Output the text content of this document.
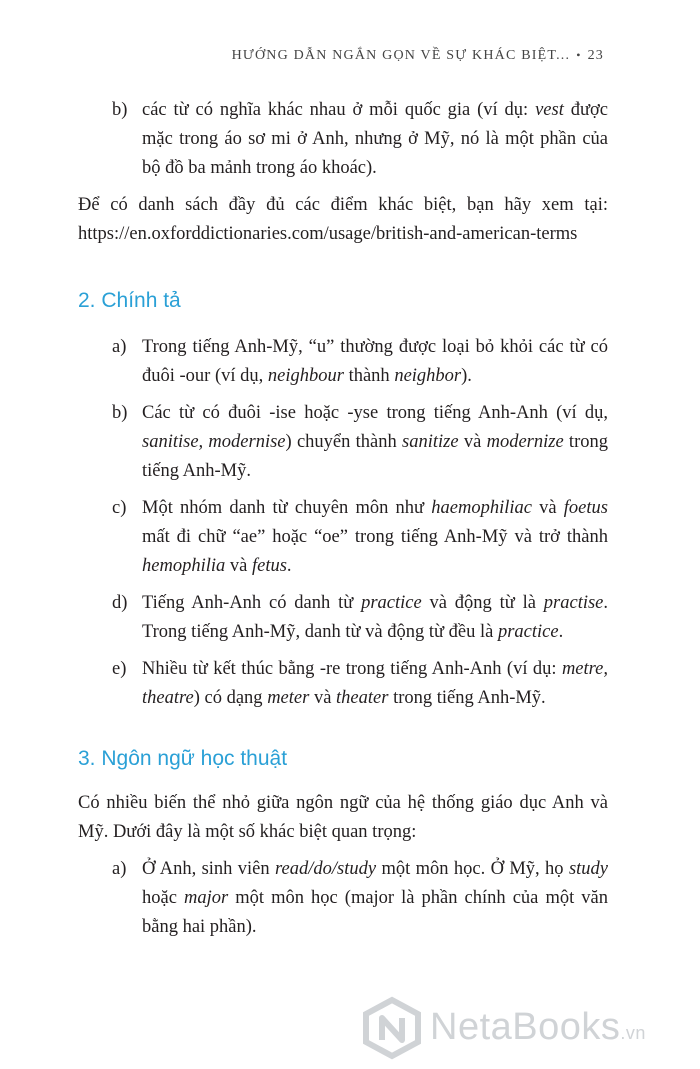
HƯỚNG DẪN NGẮN GỌN VỀ SỰ KHÁC BIỆT... • 23
b) các từ có nghĩa khác nhau ở mỗi quốc gia (ví dụ: vest được mặc trong áo sơ mi ở Anh, nhưng ở Mỹ, nó là một phần của bộ đồ ba mảnh trong áo khoác).

Để có danh sách đầy đủ các điểm khác biệt, bạn hãy xem tại: https://en.oxforddictionaries.com/usage/british-and-american-terms

2. Chính tả
a) Trong tiếng Anh-Mỹ, “u” thường được loại bỏ khỏi các từ có đuôi -our (ví dụ, neighbour thành neighbor).
b) Các từ có đuôi -ise hoặc -yse trong tiếng Anh-Anh (ví dụ, sanitise, modernise) chuyển thành sanitize và modernize trong tiếng Anh-Mỹ.
c) Một nhóm danh từ chuyên môn như haemophiliac và foetus mất đi chữ “ae” hoặc “oe” trong tiếng Anh-Mỹ và trở thành hemophilia và fetus.
d) Tiếng Anh-Anh có danh từ practice và động từ là practise. Trong tiếng Anh-Mỹ, danh từ và động từ đều là practice.
e) Nhiều từ kết thúc bằng -re trong tiếng Anh-Anh (ví dụ: metre, theatre) có dạng meter và theater trong tiếng Anh-Mỹ.
3. Ngôn ngữ học thuật

Có nhiều biến thể nhỏ giữa ngôn ngữ của hệ thống giáo dục Anh và Mỹ. Dưới đây là một số khác biệt quan trọng:

a) Ở Anh, sinh viên read/do/study một môn học. Ở Mỹ, họ study hoặc major một môn học (major là phần chính của một văn bằng hai phần).
NetaBooks.vn
